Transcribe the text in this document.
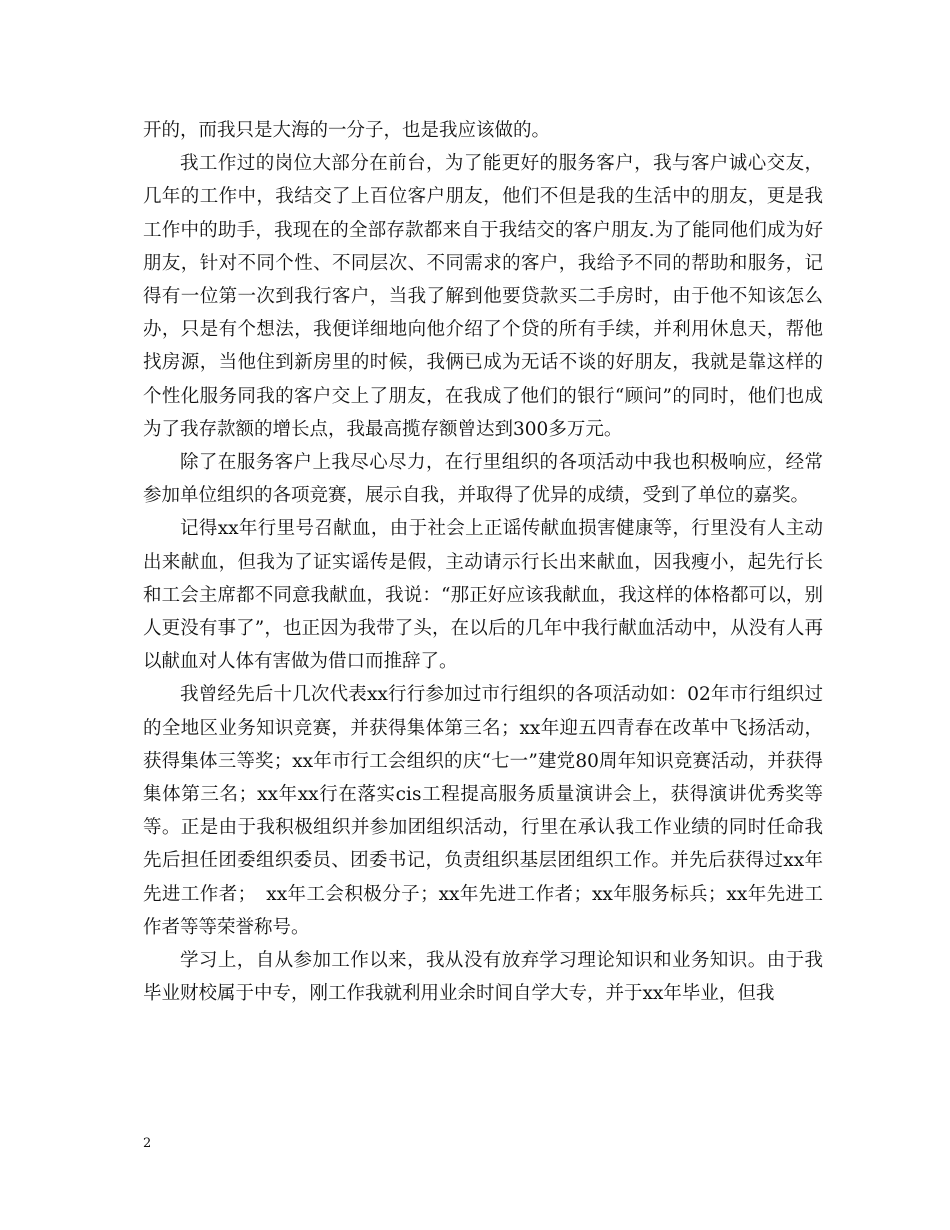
开的，而我只是大海的一分子，也是我应该做的。

我工作过的岗位大部分在前台，为了能更好的服务客户，我与客户诚心交友，几年的工作中，我结交了上百位客户朋友，他们不但是我的生活中的朋友，更是我工作中的助手，我现在的全部存款都来自于我结交的客户朋友.为了能同他们成为好朋友，针对不同个性、不同层次、不同需求的客户，我给予不同的帮助和服务，记得有一位第一次到我行客户，当我了解到他要贷款买二手房时，由于他不知该怎么办，只是有个想法，我便详细地向他介绍了个贷的所有手续，并利用休息天，帮他找房源，当他住到新房里的时候，我俩已成为无话不谈的好朋友，我就是靠这样的个性化服务同我的客户交上了朋友，在我成了他们的银行“顾问”的同时，他们也成为了我存款额的增长点，我最高揽存额曾达到300多万元。

除了在服务客户上我尽心尽力，在行里组织的各项活动中我也积极响应，经常参加单位组织的各项竞赛，展示自我，并取得了优异的成绩，受到了单位的嘉奖。

记得xx年行里号召献血，由于社会上正谣传献血损害健康等，行里没有人主动出来献血，但我为了证实谣传是假，主动请示行长出来献血，因我瘦小，起先行长和工会主席都不同意我献血，我说：“那正好应该我献血，我这样的体格都可以，别人更没有事了”，也正因为我带了头，在以后的几年中我行献血活动中，从没有人再以献血对人体有害做为借口而推辞了。

我曾经先后十几次代表xx行行参加过市行组织的各项活动如：02年市行组织过的全地区业务知识竞赛，并获得集体第三名；xx年迎五四青春在改革中飞扬活动，获得集体三等奖；xx年市行工会组织的庆“七一”建党80周年知识竞赛活动，并获得集体第三名；xx年xx行在落实cis工程提高服务质量演讲会上，获得演讲优秀奖等等。正是由于我积极组织并参加团组织活动，行里在承认我工作业绩的同时任命我先后担任团委组织委员、团委书记，负责组织基层团组织工作。并先后获得过xx年先进工作者；　xx年工会积极分子；xx年先进工作者；xx年服务标兵；xx年先进工作者等等荣誉称号。

学习上，自从参加工作以来，我从没有放弃学习理论知识和业务知识。由于我毕业财校属于中专，刚工作我就利用业余时间自学大专，并于xx年毕业，但我

2
